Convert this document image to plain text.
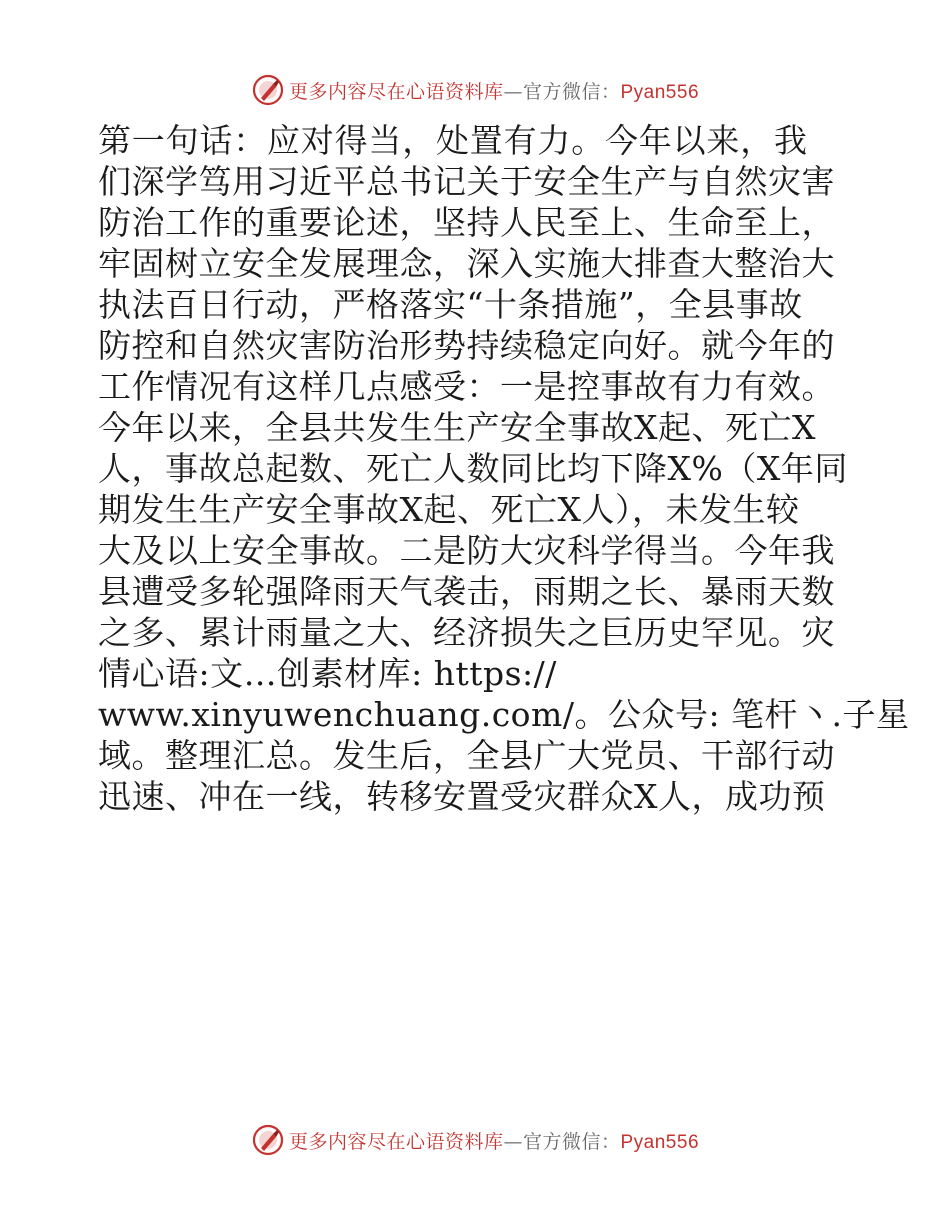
更多内容尽在心语资料库—官方微信：Pyan556
第一句话：应对得当，处置有力。今年以来，我
们深学笃用习近平总书记关于安全生产与自然灾害
防治工作的重要论述，坚持人民至上、生命至上，
牢固树立安全发展理念，深入实施大排查大整治大
执法百日行动，严格落实“十条措施”，全县事故
防控和自然灾害防治形势持续稳定向好。就今年的
工作情况有这样几点感受：一是控事故有力有效。
今年以来，全县共发生生产安全事故X起、死亡X
人，事故总起数、死亡人数同比均下降X%（X年同
期发生生产安全事故X起、死亡X人），未发生较
大及以上安全事故。二是防大灾科学得当。今年我
县遭受多轮强降雨天气袭击，雨期之长、暴雨天数
之多、累计雨量之大、经济损失之巨历史罕见。灾
情心语:文…创素材库: https://
www.xinyuwenchuang.com/。公众号: 笔杆丶.子星
域。整理汇总。发生后，全县广大党员、干部行动
迅速、冲在一线，转移安置受灾群众X人，成功预
更多内容尽在心语资料库—官方微信：Pyan556
